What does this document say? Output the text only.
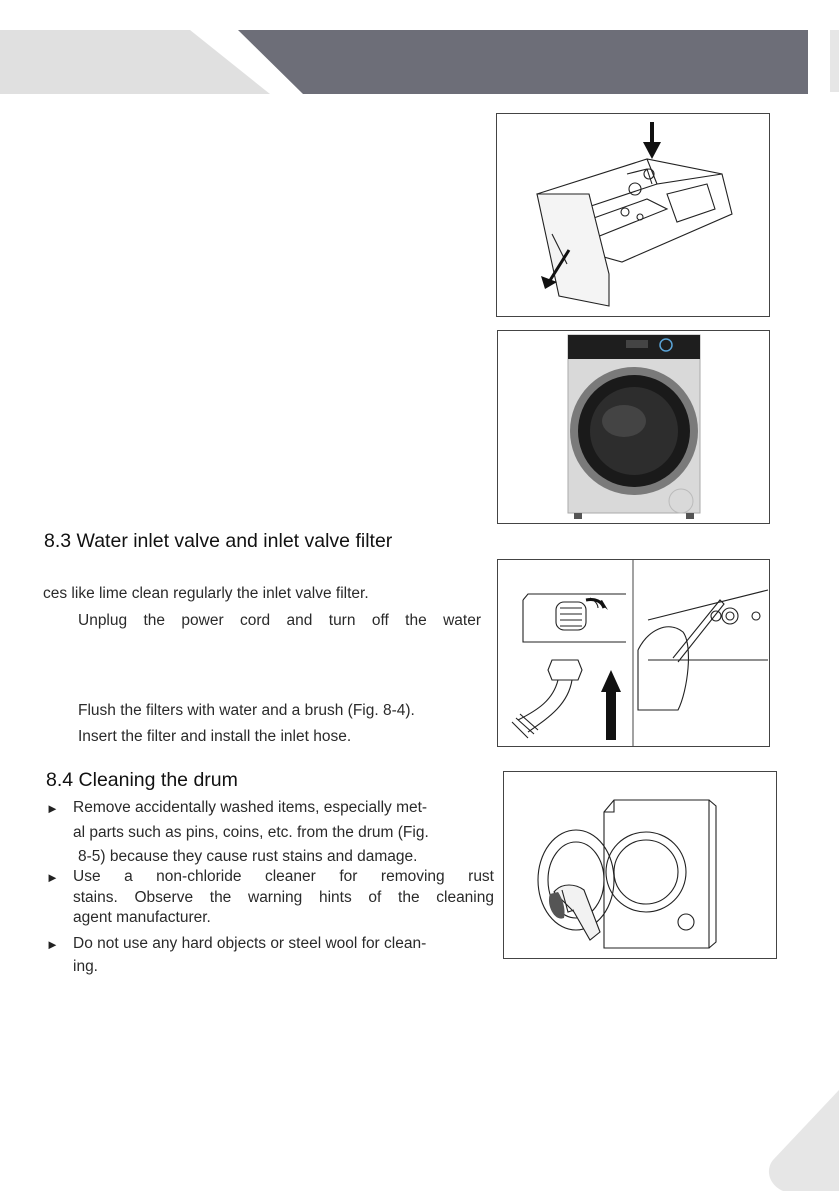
8.3 Water inlet valve and inlet valve filter
ces like lime clean regularly the inlet valve filter.
Unplug the power cord and turn off the water
Flush the filters with water and a brush (Fig. 8-4).
Insert the filter and install the inlet hose.
8.4 Cleaning the drum
► Remove accidentally washed items, especially met-
al parts such as pins, coins, etc. from the drum (Fig.
8-5) because they cause rust stains and damage.
► Use a non-chloride cleaner for removing rust
stains. Observe the warning hints of the cleaning
agent manufacturer.
► Do not use any hard objects or steel wool for clean-
ing.
